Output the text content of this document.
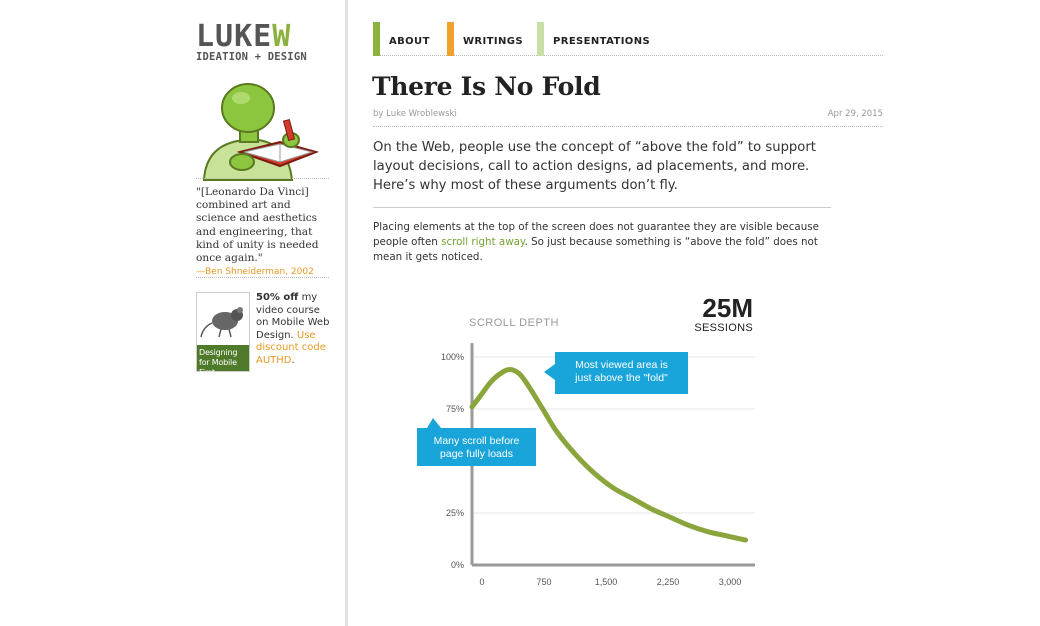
LUKEW
IDEATION + DESIGN
"[Leonardo Da Vinci] combined art and science and aesthetics and engineering, that kind of unity is needed once again."
—Ben Shneiderman, 2002
Designing for Mobile First
50% off my video course on Mobile Web Design. Use discount code AUTHD.
ABOUT	WRITINGS	PRESENTATIONS
There Is No Fold
by Luke Wroblewski	Apr 29, 2015

On the Web, people use the concept of “above the fold” to support layout decisions, call to action designs, ad placements, and more. Here’s why most of these arguments don’t fly.

Placing elements at the top of the screen does not guarantee they are visible because people often scroll right away. So just because something is “above the fold” does not mean it gets noticed.

SCROLL DEPTH	25M
SESSIONS
100%
75%
25%
0%
0	750	1,500	2,250	3,000
Most viewed area is
just above the "fold"
Many scroll before
page fully loads
